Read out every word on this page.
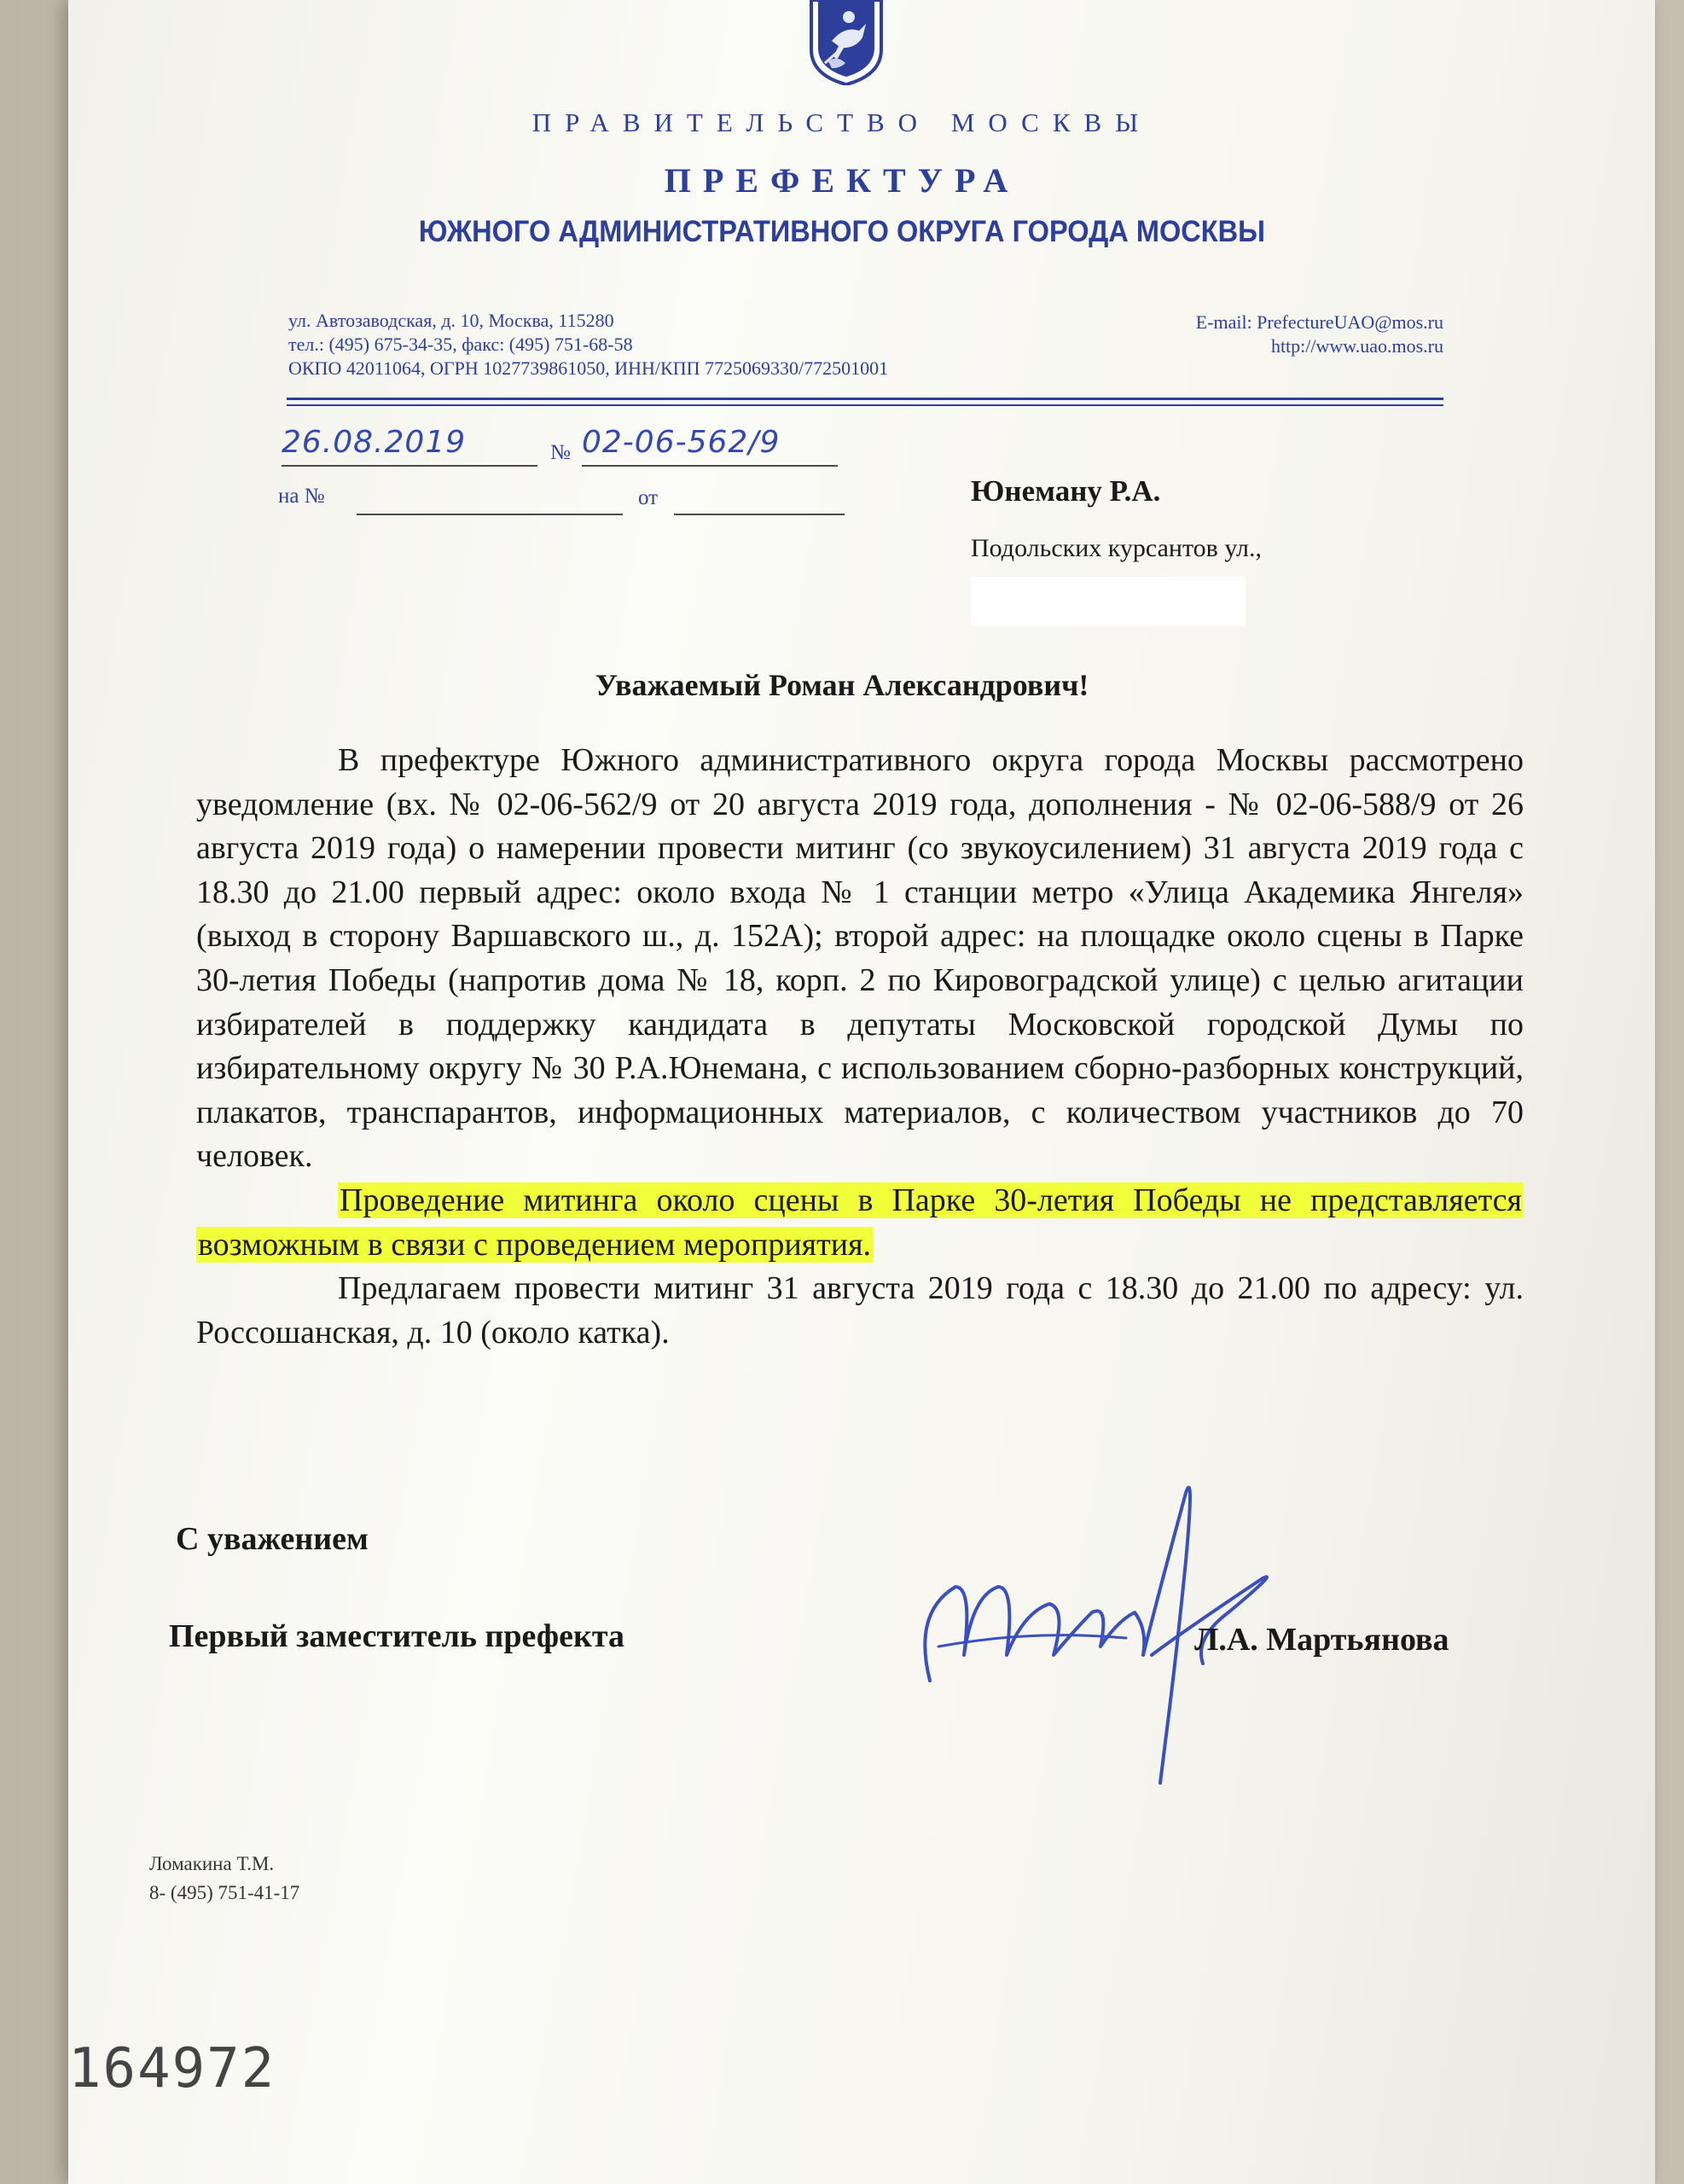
ПРАВИТЕЛЬСТВО МОСКВЫ
ПРЕФЕКТУРА
ЮЖНОГО АДМИНИСТРАТИВНОГО ОКРУГА ГОРОДА МОСКВЫ
ул. Автозаводская, д. 10, Москва, 115280
тел.: (495) 675-34-35, факс: (495) 751-68-58
ОКПО 42011064, ОГРН 1027739861050, ИНН/КПП 7725069330/772501001
E-mail: PrefectureUAO@mos.ru
http://www.uao.mos.ru
26.08.2019	№ 02-06-562/9
на №	от	Юнеману Р.А.
Подольских курсантов ул.,
Уважаемый Роман Александрович!

В префектуре Южного административного округа города Москвы рассмотрено уведомление (вх. № 02-06-562/9 от 20 августа 2019 года, дополнения - № 02-06-588/9 от 26 августа 2019 года) о намерении провести митинг (со звукоусилением) 31 августа 2019 года с 18.30 до 21.00 первый адрес: около входа № 1 станции метро «Улица Академика Янгеля» (выход в сторону Варшавского ш., д. 152А); второй адрес: на площадке около сцены в Парке 30-летия Победы (напротив дома № 18, корп. 2 по Кировоградской улице) с целью агитации избирателей в поддержку кандидата в депутаты Московской городской Думы по избирательному округу № 30 Р.А.Юнемана, с использованием сборно-разборных конструкций, плакатов, транспарантов, информационных материалов, с количеством участников до 70 человек.

Проведение митинга около сцены в Парке 30-летия Победы не представляется возможным в связи с проведением мероприятия.

Предлагаем провести митинг 31 августа 2019 года с 18.30 до 21.00 по адресу: ул. Россошанская, д. 10 (около катка).

С уважением
Первый заместитель префекта	Л.А. Мартьянова
Ломакина Т.М.
8- (495) 751-41-17
164972
